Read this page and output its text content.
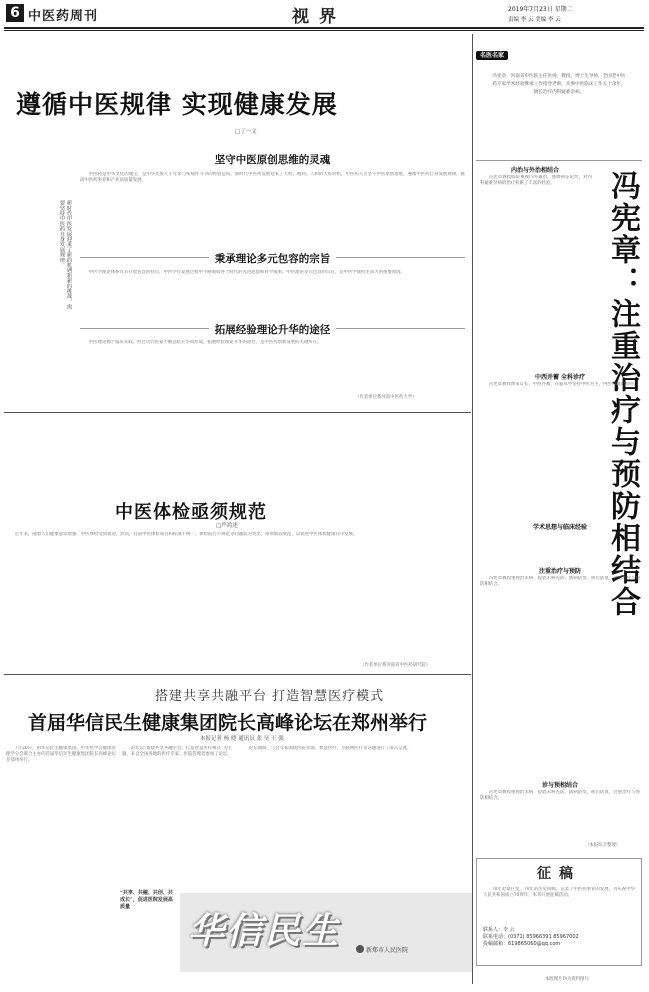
6 中医药周刊	视界	2019年7月23日 星期二
责编 李 云 美编 李 云
遵循中医规律 实现健康发展
□丁一文
新时代中医发展迎来了新的机遇和新的挑战，需要坚持中医药自身发展规律。
坚守中医原创思维的灵魂

中医药是中华文化的瑰宝，是中华民族几千年来与疾病作斗争的经验总结。新时代中医药发展迎来了天时、地利、人和的大好时机，中医药人应坚守中医原创思维，遵循中医药自身发展规律，推动中医药事业和产业高质量发展。

秉承理论多元包容的宗旨

中医学理论体系具有开放包容的特点，中医学在发展过程中不断吸收各个时代的先进思想和科学成果。中医理论多元包容的宗旨，是中医学保持生命力的重要原因。

拓展经验理论升华的途径

中医理论源于临床实践，经过历代医家不断总结升华而形成。拓展经验理论升华的途径，是中医药创新发展的关键所在。

（作者单位系河南中医药大学）
中医体检亟须规范
□严鸿述

近年来，随着人们健康意识增强，中医体检受到欢迎。然而，目前中医体检项目和标准不统一，体检报告不规范等问题较为突出，亟须加以规范，以促进中医体检健康有序发展。

（作者单位系河南省中医药研究院）
搭建共享共融平台 打造智慧医疗模式
首届华信民生健康集团院长高峰论坛在郑州举行
本报记者 杨 晓 通讯员 张 昊 王 强

7月20日，由华信民生健康集团、中华医学会健康管理学分会联合主办的首届华信民生健康集团院长高峰论坛在郑州举行。

论坛以“搭建共享共融平台，打造智慧医疗模式”为主题，来自全国各地的医疗专家、医院管理者参加了论坛。

“共享、共融、共创、共成长”，促进医院发展高质量

论坛期间，与会专家围绕医院管理、智慧医疗、互联网医疗等话题进行了深入交流。

华信民生	新郑市人民医院
名医名家
冯宪章，河南省中医院主任医师，教授，博士生导师，全国老中医药专家学术经验继承工作指导老师，从事中医临床工作五十余年，擅长治疗内科疑难杂病。
冯宪章：注重治疗与预防相结合
内治与外治相结合

冯宪章教授临证重视内外兼治，强调辨证论治，对内科疑难杂病的治疗积累了丰富的经验。

中西并蓄 全科诊疗

冯宪章教授博采众长，中西并蓄，在临床中坚持中医为主、西医为辅的原则。

学术思想与临床经验
注重治疗与预防

冯宪章教授重视治未病，提倡未病先防、既病防变、瘥后防复，注重治疗与预防相结合。

诊与预相结合

冯宪章教授重视治未病，提倡未病先防、既病防变、瘥后防复，注重治疗与预防相结合。

（本报综合整理）
征稿

70年沧桑巨变，70年的历史回顾。记录了中医药事业的发展，为庆祝中华人民共和国成立70周年，本刊开展征稿活动。

联系人：李 云
联系电话：(0371) 85966391 85967002
投稿邮箱：619865060@qq.com
本版图片均为资料图片
